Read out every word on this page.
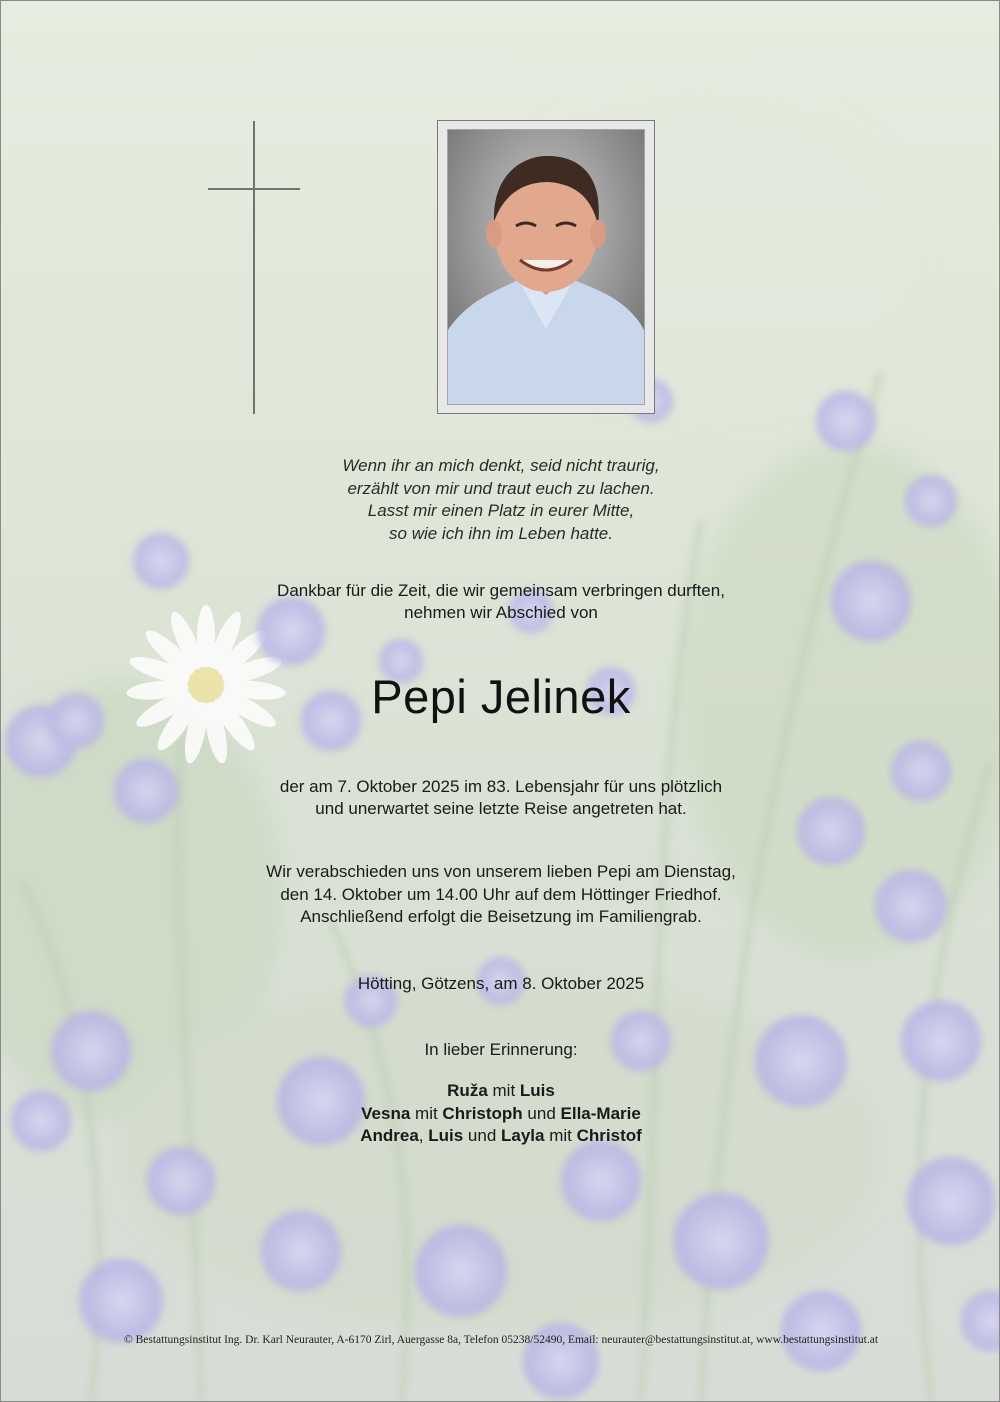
Wenn ihr an mich denkt, seid nicht traurig,
erzählt von mir und traut euch zu lachen.
Lasst mir einen Platz in eurer Mitte,
so wie ich ihn im Leben hatte.
Dankbar für die Zeit, die wir gemeinsam verbringen durften,
nehmen wir Abschied von
Pepi Jelinek
der am 7. Oktober 2025 im 83. Lebensjahr für uns plötzlich
und unerwartet seine letzte Reise angetreten hat.
Wir verabschieden uns von unserem lieben Pepi am Dienstag,
den 14. Oktober um 14.00 Uhr auf dem Höttinger Friedhof.
Anschließend erfolgt die Beisetzung im Familiengrab.
Hötting, Götzens, am 8. Oktober 2025
In lieber Erinnerung:
Ruža mit Luis
Vesna mit Christoph und Ella-Marie
Andrea, Luis und Layla mit Christof
© Bestattungsinstitut Ing. Dr. Karl Neurauter, A-6170 Zirl, Auergasse 8a, Telefon 05238/52490, Email: neurauter@bestattungsinstitut.at, www.bestattungsinstitut.at
